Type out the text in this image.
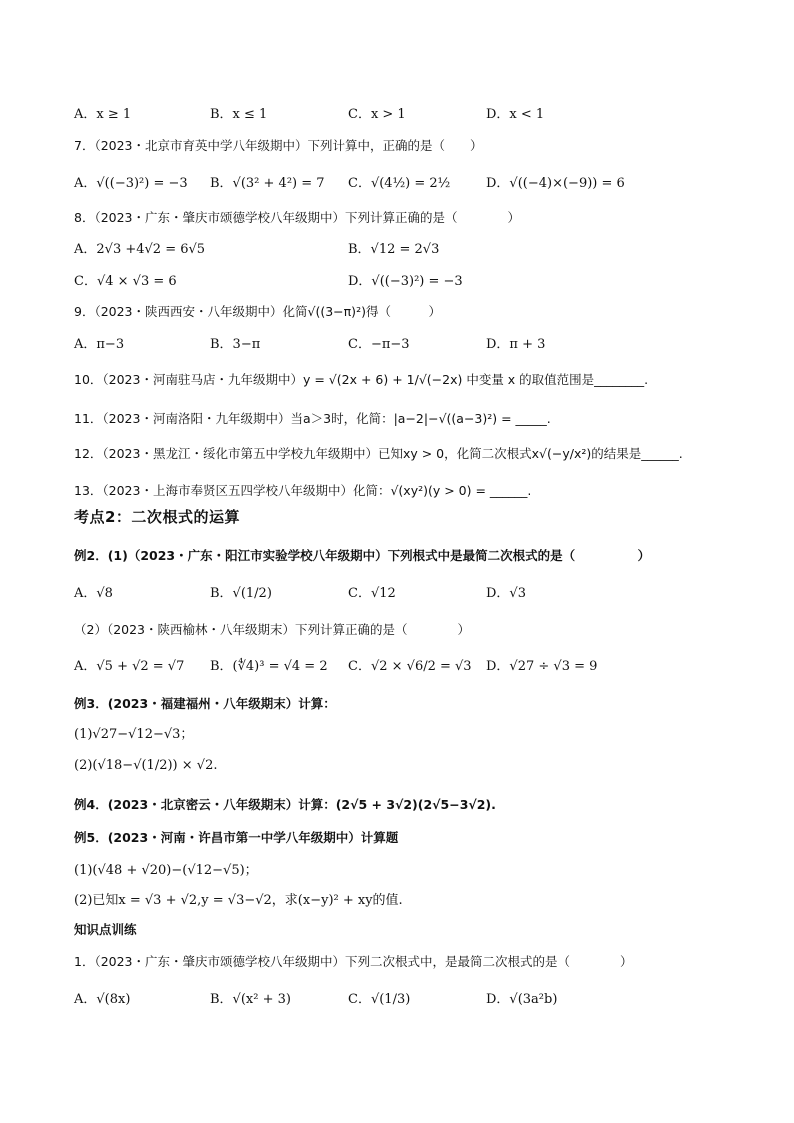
A．x ≥ 1	B．x ≤ 1	C．x > 1	D．x < 1
7．（2023・北京市育英中学八年级期中）下列计算中，正确的是（　　）
A．√((−3)²) = −3 B．√(3² + 4²) = 7 C．√(4½) = 2½	D．√((−4)×(−9)) = 6
8．（2023・广东・肇庆市颂德学校八年级期中）下列计算正确的是（　　　　）
A．2√3 +4√2 = 6√5	B．√12 = 2√3
C．√4 × √3 = 6	D．√((−3)²) = −3
9．（2023・陕西西安・八年级期中）化简√((3−π)²)得（　　　）
A．π−3	B．3−π	C．−π−3	D．π + 3
10．（2023・河南驻马店・九年级期中）y = √(2x + 6) + 1/√(−2x) 中变量 x 的取值范围是________.
11．（2023・河南洛阳・九年级期中）当a＞3时，化简：|a−2|−√((a−3)²) = _____.
12．（2023・黑龙江・绥化市第五中学校九年级期中）已知xy > 0，化简二次根式x√(−y/x²)的结果是______.
13．（2023・上海市奉贤区五四学校八年级期中）化简：√(xy²)(y > 0) = ______.
考点2：二次根式的运算
例2．(1)（2023・广东・阳江市实验学校八年级期中）下列根式中是最简二次根式的是（　　　　　）
A．√8	B．√(1/2)	C．√12	D．√3
（2）（2023・陕西榆林・八年级期末）下列计算正确的是（　　　　）
A．√5 + √2 = √7 B．(∜4)³ = √4 = 2 C．√2 × √6/2 = √3 D．√27 ÷ √3 = 9
例3．(2023・福建福州・八年级期末）计算：
(1)√27−√12−√3；
(2)(√18−√(1/2)) × √2.
例4．(2023・北京密云・八年级期末）计算：(2√5 + 3√2)(2√5−3√2).
例5．(2023・河南・许昌市第一中学八年级期中）计算题
(1)(√48 + √20)−(√12−√5)；
(2)已知x = √3 + √2,y = √3−√2，求(x−y)² + xy的值.
知识点训练
1．（2023・广东・肇庆市颂德学校八年级期中）下列二次根式中，是最简二次根式的是（　　　　）
A．√(8x)	B．√(x² + 3)	C．√(1/3)	D．√(3a²b)
